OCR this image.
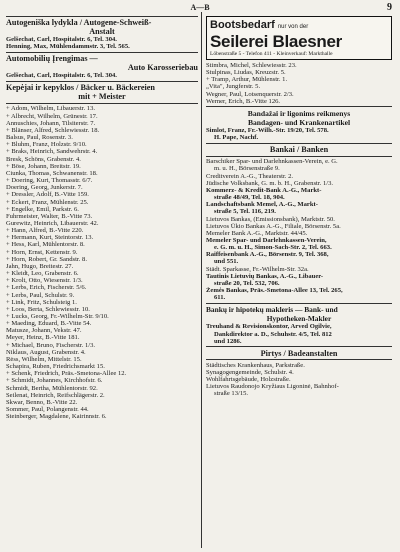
A—B	9
Autogeniška lydykla / Autogene-Schweiß-
Anstalt
Gelšechat, Carl, Hospitalstr. 6, Tel. 304.
Henning, Max, Mühlendammstr. 3, Tel. 565.
Automobilių Įrengimas —
Auto Karosseriebau
Gelšechat, Carl, Hospitalstr. 6, Tel. 304.
Kepėjai ir kepyklos / Bäcker u. Bäckereien
mit + Meister
+ Adom, Wilhelm, Libauerstr. 13.
+ Albrecht, Wilhelm, Grünestr. 17.
Annuschies, Johann, Tilsiterstr. 7.
+ Blänser, Alfred, Schlewiesstr. 18.
Balsus, Paul, Rosenstr. 3.
+ Bluhm, Franz, Holzstr. 9/10.
+ Braks, Heinrich, Sandwehrstr. 4.
Bresk, Schöns, Grabenstr. 4.
+ Böse, Johann, Breitstr. 19.
Ciunka, Thomas, Schwanenstr. 18.
+ Doering, Kurt, Thomasstr. 6/7.
Doering, Georg, Junkerstr. 7.
+ Dressler, Adolf, B.-Vitte 159.
+ Eckert, Franz, Mühlenstr. 25.
+ Engelke, Emil, Parkstr. 6.
Fuhrmeister, Walter, B.-Vitte 73.
Gurewitz, Heinrich, Libauerstr. 42.
+ Hann, Alfred, B.-Vitte 220.
+ Hermann, Kurt, Steintorstr. 13.
+ Hess, Karl, Mühlentorstr. 8.
+ Horn, Ernst, Kettenstr. 9.
+ Horn, Robert, Gr. Sandstr. 8.
Jahn, Hugo, Breitestr. 27.
+ Kleidt, Leo, Grabenstr. 6.
+ Krolt, Otto, Wiesenstr. 1/3.
+ Lerbs, Erich, Fischerstr. 5/6.
+ Lerbs, Paul, Schulstr. 9.
+ Link, Fritz, Schulsteig 1.
+ Loos, Berta, Schlewiesstr. 10.
+ Lucks, Georg, Fr.-Wilhelm-Str. 9/10.
+ Maeding, Eduard, B.-Vitte 54.
Matusze, Johann, Vekstr. 47.
Meyer, Heinz, B.-Vitte 181.
+ Michael, Bruno, Fischerstr. 1/3.
Niklaus, August, Grabenstr. 4.
Rėss, Wilhelm, Mittelstr. 15.
Schapira, Ruben, Friedrichsmarkt 15.
+ Schenk, Friedrich, Präs.-Smetona-Allee 12.
+ Schmidt, Johannes, Kirchhofstr. 6.
Schmidt, Bertha, Mühlentorstr. 92.
Seilenat, Heinrich, Reifschlägerstr. 2.
Skwar, Benno, B.-Vitte 22.
Sommer, Paul, Polangenstr. 44.
Steinberger, Magdalene, Kairinnstr. 6.
Bootsbedarf nur von der
Seilerei Blaesner
Löbenstraße 5 - Telefon 411 - Kleinverkauf: Markthalle
Stimbra, Michel, Schlewiesstr. 23.
Stulpinas, Liudas, Kreuzstr. 5.
+ Tramp, Arthur, Mühlenstr. 1.
„Vita", Jungferstr. 5.
Wegner, Paul, Lotsenquerstr. 2/3.
Werner, Erich, B.-Vitte 126.
Bandažai ir ligonims reikmenys
Bandagen- und Krankenartikel
Simlot, Franz, Fr.-Wilh.-Str. 19/20, Tel. 578.
H. Pape, Nachf.
Bankai / Banken
Barschiker Spar- und Darlehnkassen-Verein, e. G.
m. u. H., Börsenstraße 9.
Creditverein A.-G., Theaterstr. 2.
Jüdische Volksbank, G. m. b. H., Grabenstr. 1/3.
Kommerz- & Kredit-Bank A.-G., Markt-
straße 48/49, Tel. 18, 904.
Landschaftsbank Memel, A.-G., Markt-
straße 5, Tel. 116, 219.
Lietuvos Bankas, (Emissionsbank), Marktstr. 50.
Lietuvos Ūkio Bankas A.-G., Filiale, Börsenstr. 5a.
Memeler Bank A.-G., Marktstr. 44/45.
Memeler Spar- und Darlehnkassen-Verein,
e. G. m. u. H., Simon-Sach-Str. 2, Tel. 663.
Raiffeisenbank A.-G., Börsenstr. 9, Tel. 368,
und 551.
Städt. Sparkasse, Fr.-Wilhelm-Str. 32a.
Tautinis Lietuvių Bankas, A.-G., Libauer-
straße 20, Tel. 532, 706.
Žemės Bankas, Präs.-Smetona-Allee 13, Tel. 265,
611.
Bankų ir hipotekų makleris — Bank- und
Hypotheken-Makler
Treuhand & Revisionskontor, Arved Ogilvie,
Dankdirektor a. D., Schuhstr. 4/5, Tel. 812
und 1286.
Pirtys / Badeanstalten
Städtisches Krankenhaus, Parkstraße.
Synagogengemeinde, Schulstr. 4.
Wohlfahrtsgebäude, Holzstraße.
Lietuvos Raudonojo Kryžiaus Ligoninė, Bahnhof-
straße 13/15.
